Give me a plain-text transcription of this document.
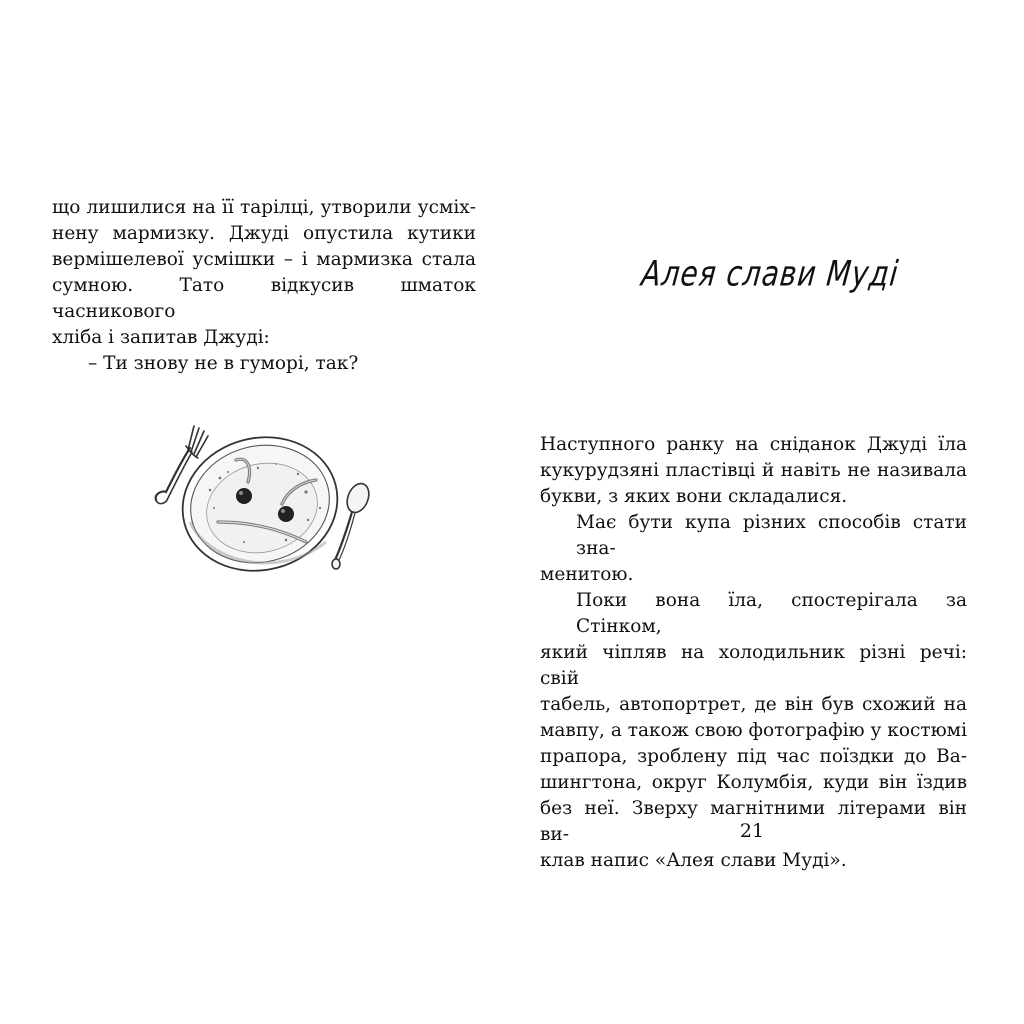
що лишилися на її тарілці, утворили усміх-
нену мармизку. Джуді опустила кутики
вермішелевої усмішки – і мармизка стала
сумною. Тато відкусив шматок часникового
хліба і запитав Джуді:

– Ти знову не в гуморі, так?

Алея слави Муді

Наступного ранку на сніданок Джуді їла
кукурудзяні пластівці й навіть не називала
букви, з яких вони складалися.

Має бути купа різних способів стати зна-
менитою.

Поки вона їла, спостерігала за Стінком,
який чіпляв на холодильник різні речі: свій
табель, автопортрет, де він був схожий на
мавпу, а також свою фотографію у костюмі
прапора, зроблену під час поїздки до Ва-
шингтона, округ Колумбія, куди він їздив
без неї. Зверху магнітними літерами він ви-
клав напис «Алея слави Муді».

21
